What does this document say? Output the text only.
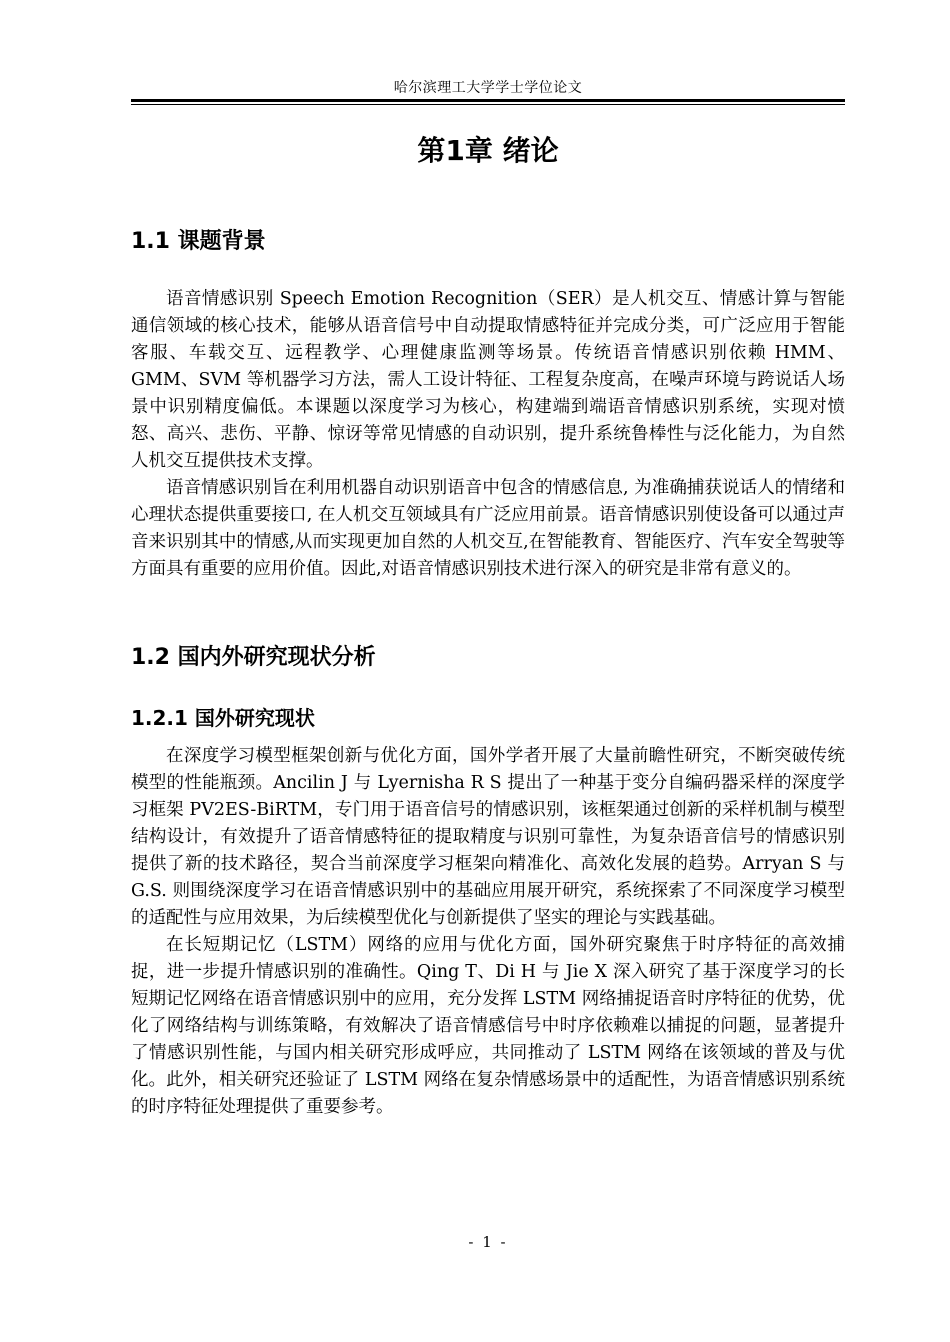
哈尔滨理工大学学士学位论文
第1章 绪论
1.1 课题背景

语音情感识别 Speech Emotion Recognition（SER）是人机交互、情感计算与智能通信领域的核心技术，能够从语音信号中自动提取情感特征并完成分类，可广泛应用于智能客服、车载交互、远程教学、心理健康监测等场景。传统语音情感识别依赖 HMM、GMM、SVM 等机器学习方法，需人工设计特征、工程复杂度高，在噪声环境与跨说话人场景中识别精度偏低。本课题以深度学习为核心，构建端到端语音情感识别系统，实现对愤怒、高兴、悲伤、平静、惊讶等常见情感的自动识别，提升系统鲁棒性与泛化能力，为自然人机交互提供技术支撑。

语音情感识别旨在利用机器自动识别语音中包含的情感信息, 为准确捕获说话人的情绪和心理状态提供重要接口, 在人机交互领域具有广泛应用前景。语音情感识别使设备可以通过声音来识别其中的情感,从而实现更加自然的人机交互,在智能教育、智能医疗、汽车安全驾驶等方面具有重要的应用价值。因此,对语音情感识别技术进行深入的研究是非常有意义的。

1.2 国内外研究现状分析
1.2.1 国外研究现状

在深度学习模型框架创新与优化方面，国外学者开展了大量前瞻性研究，不断突破传统模型的性能瓶颈。Ancilin J 与 Lyernisha R S 提出了一种基于变分自编码器采样的深度学习框架 PV2ES-BiRTM，专门用于语音信号的情感识别，该框架通过创新的采样机制与模型结构设计，有效提升了语音情感特征的提取精度与识别可靠性，为复杂语音信号的情感识别提供了新的技术路径，契合当前深度学习框架向精准化、高效化发展的趋势。Arryan S 与 G.S. 则围绕深度学习在语音情感识别中的基础应用展开研究，系统探索了不同深度学习模型的适配性与应用效果，为后续模型优化与创新提供了坚实的理论与实践基础。

在长短期记忆（LSTM）网络的应用与优化方面，国外研究聚焦于时序特征的高效捕捉，进一步提升情感识别的准确性。Qing T、Di H 与 Jie X 深入研究了基于深度学习的长短期记忆网络在语音情感识别中的应用，充分发挥 LSTM 网络捕捉语音时序特征的优势，优化了网络结构与训练策略，有效解决了语音情感信号中时序依赖难以捕捉的问题，显著提升了情感识别性能，与国内相关研究形成呼应，共同推动了 LSTM 网络在该领域的普及与优化。此外，相关研究还验证了 LSTM 网络在复杂情感场景中的适配性，为语音情感识别系统的时序特征处理提供了重要参考。

- 1 -
